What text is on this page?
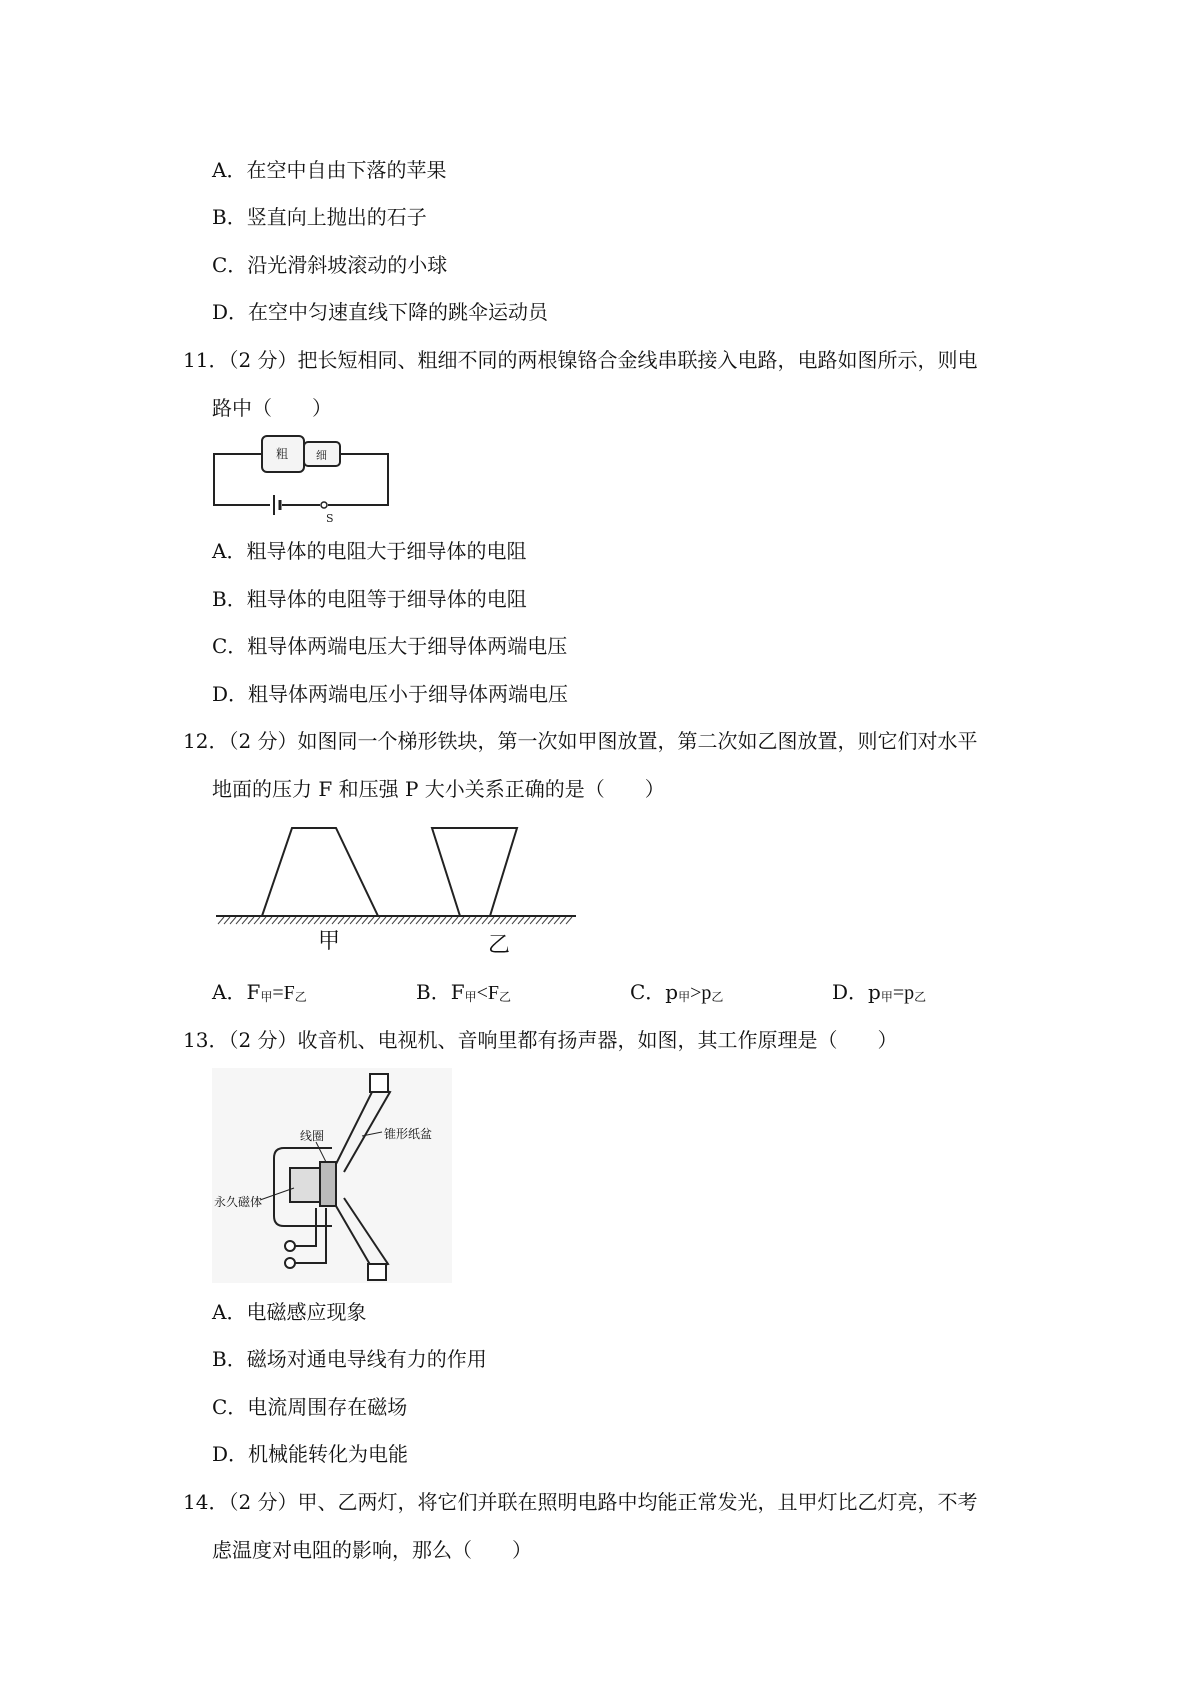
A．在空中自由下落的苹果
B．竖直向上抛出的石子
C．沿光滑斜坡滚动的小球
D．在空中匀速直线下降的跳伞运动员
11．（2 分）把长短相同、粗细不同的两根镍铬合金线串联接入电路，电路如图所示，则电
路中（　　）
粗	细
S
A．粗导体的电阻大于细导体的电阻
B．粗导体的电阻等于细导体的电阻
C．粗导体两端电压大于细导体两端电压
D．粗导体两端电压小于细导体两端电压
12．（2 分）如图同一个梯形铁块，第一次如甲图放置，第二次如乙图放置，则它们对水平
地面的压力 F 和压强 P 大小关系正确的是（　　）
甲	乙
A．$F_甲=F_乙$	B．$F_甲<F_乙$	C．$p_甲>p_乙$	D．$p_甲=p_乙$
13．（2 分）收音机、电视机、音响里都有扬声器，如图，其工作原理是（　　）
线圈	锥形纸盆
永久磁体
A．电磁感应现象
B．磁场对通电导线有力的作用
C．电流周围存在磁场
D．机械能转化为电能
14．（2 分）甲、乙两灯，将它们并联在照明电路中均能正常发光，且甲灯比乙灯亮，不考
虑温度对电阻的影响，那么（　　）
